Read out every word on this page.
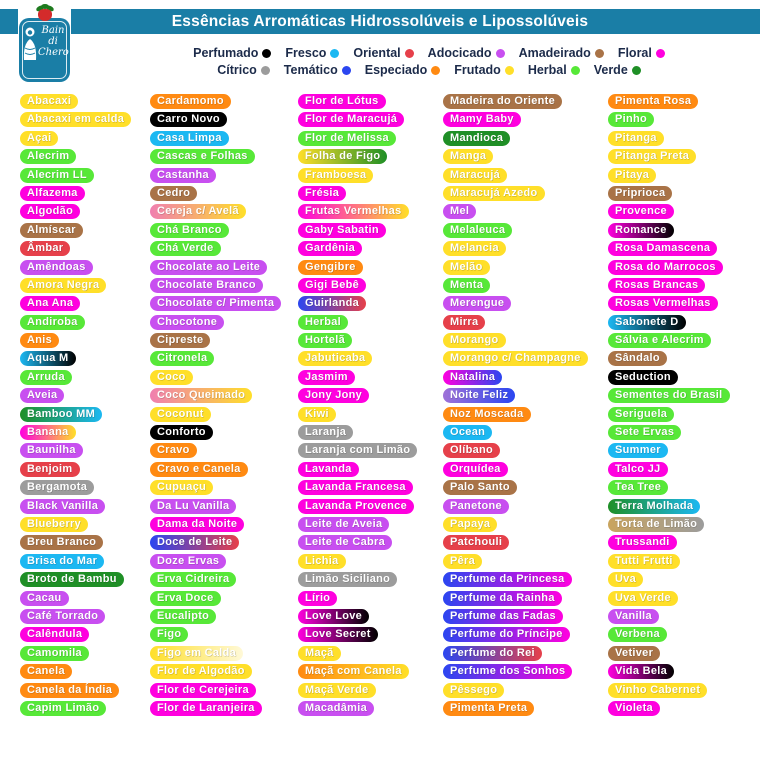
Essências Arromáticas Hidrossolúveis e Lipossolúveis
Bain
di
Chero	Perfumado Fresco Oriental Adocicado Amadeirado Floral
Cítrico Temático Especiado Frutado Herbal Verde
Abacaxi
Abacaxi em calda
Açai
Alecrim
Alecrim LL
Alfazema
Algodão
Almíscar
Âmbar
Amêndoas
Amora Negra
Ana Ana
Andiroba
Anis
Aqua M
Arruda
Aveia
Bamboo MM
Banana
Baunilha
Benjoim
Bergamota
Black Vanilla
Blueberry
Breu Branco
Brisa do Mar
Broto de Bambu
Cacau
Café Torrado
Calêndula
Camomila
Canela
Canela da Índia
Capim Limão
Cardamomo
Carro Novo
Casa Limpa
Cascas e Folhas
Castanha
Cedro
Cereja c/ Avelã
Chá Branco
Chá Verde
Chocolate ao Leite
Chocolate Branco
Chocolate c/ Pimenta
Chocotone
Cipreste
Citronela
Coco
Coco Queimado
Coconut
Conforto
Cravo
Cravo e Canela
Cupuaçu
Da Lu Vanilla
Dama da Noite
Doce de Leite
Doze Ervas
Erva Cidreira
Erva Doce
Eucalipto
Figo
Figo em Calda
Flor de Algodão
Flor de Cerejeira
Flor de Laranjeira
Flor de Lótus
Flor de Maracujá
Flor de Melissa
Folha de Figo
Framboesa
Frésia
Frutas Vermelhas
Gaby Sabatin
Gardênia
Gengibre
Gigi Bebê
Guirlanda
Herbal
Hortelã
Jabuticaba
Jasmim
Jony Jony
Kiwi
Laranja
Laranja com Limão
Lavanda
Lavanda Francesa
Lavanda Provence
Leite de Aveia
Leite de Cabra
Lichia
Limão Siciliano
Lírio
Love Love
Love Secret
Maçã
Maçã com Canela
Maçã Verde
Macadâmia
Madeira do Oriente
Mamy Baby
Mandioca
Manga
Maracujá
Maracujá Azedo
Mel
Melaleuca
Melancia
Melão
Menta
Merengue
Mirra
Morango
Morango c/ Champagne
Natalina
Noite Feliz
Noz Moscada
Ocean
Olíbano
Orquídea
Palo Santo
Panetone
Papaya
Patchouli
Pêra
Perfume da Princesa
Perfume da Rainha
Perfume das Fadas
Perfume do Príncipe
Perfume do Rei
Perfume dos Sonhos
Pêssego
Pimenta Preta
Pimenta Rosa
Pinho
Pitanga
Pitanga Preta
Pitaya
Priprioca
Provence
Romance
Rosa Damascena
Rosa do Marrocos
Rosas Brancas
Rosas Vermelhas
Sabonete D
Sálvia e Alecrim
Sândalo
Seduction
Sementes do Brasil
Seriguela
Sete Ervas
Summer
Talco JJ
Tea Tree
Terra Molhada
Torta de Limão
Trussandi
Tutti Frutti
Uva
Uva Verde
Vanilla
Verbena
Vetiver
Vida Bela
Vinho Cabernet
Violeta
